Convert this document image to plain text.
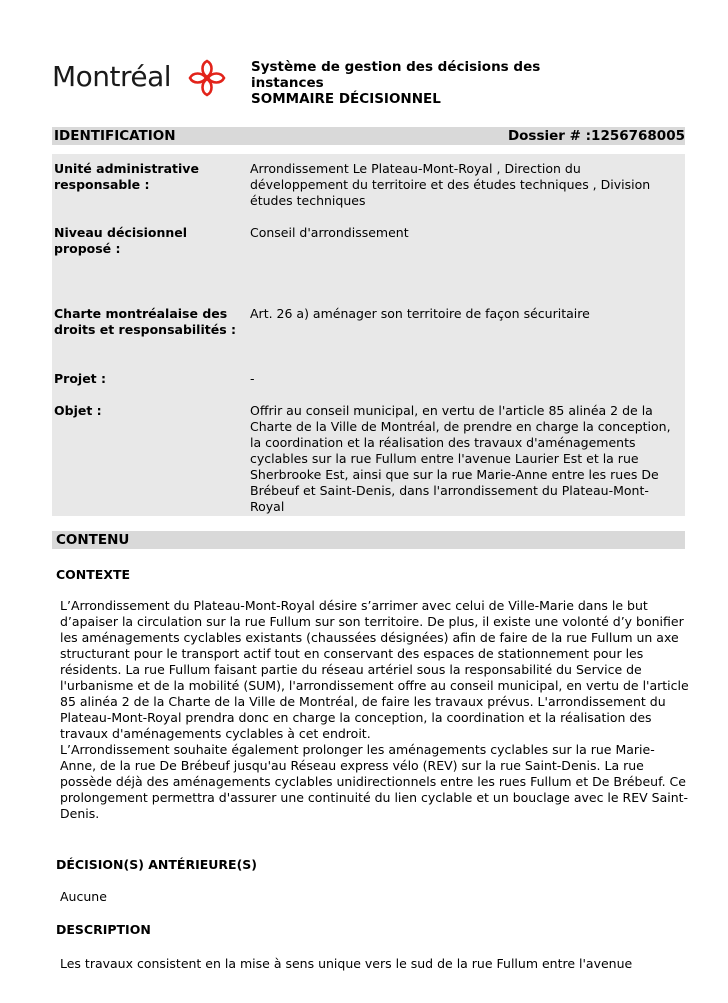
Montréal	Système de gestion des décisions des
instances
SOMMAIRE DÉCISIONNEL
IDENTIFICATION	Dossier # :1256768005
Unité administrative responsable :
Arrondissement Le Plateau-Mont-Royal , Direction du développement du territoire et des études techniques , Division études techniques
Niveau décisionnel proposé :
Conseil d'arrondissement
Charte montréalaise des droits et responsabilités :
Art. 26 a) aménager son territoire de façon sécuritaire
Projet :	-
Objet :	Offrir au conseil municipal, en vertu de l'article 85 alinéa 2 de la Charte de la Ville de Montréal, de prendre en charge la conception, la coordination et la réalisation des travaux d'aménagements cyclables sur la rue Fullum entre l'avenue Laurier Est et la rue Sherbrooke Est, ainsi que sur la rue Marie-Anne entre les rues De Brébeuf et Saint-Denis, dans l'arrondissement du Plateau-Mont-Royal
CONTENU
CONTEXTE

L’Arrondissement du Plateau-Mont-Royal désire s’arrimer avec celui de Ville-Marie dans le but d’apaiser la circulation sur la rue Fullum sur son territoire. De plus, il existe une volonté d’y bonifier les aménagements cyclables existants (chaussées désignées) afin de faire de la rue Fullum un axe structurant pour le transport actif tout en conservant des espaces de stationnement pour les résidents. La rue Fullum faisant partie du réseau artériel sous la responsabilité du Service de l'urbanisme et de la mobilité (SUM), l'arrondissement offre au conseil municipal, en vertu de l'article 85 alinéa 2 de la Charte de la Ville de Montréal, de faire les travaux prévus. L'arrondissement du Plateau-Mont-Royal prendra donc en charge la conception, la coordination et la réalisation des travaux d'aménagements cyclables à cet endroit.

L’Arrondissement souhaite également prolonger les aménagements cyclables sur la rue Marie-Anne, de la rue De Brébeuf jusqu'au Réseau express vélo (REV) sur la rue Saint-Denis. La rue possède déjà des aménagements cyclables unidirectionnels entre les rues Fullum et De Brébeuf. Ce prolongement permettra d'assurer une continuité du lien cyclable et un bouclage avec le REV Saint-Denis.

DÉCISION(S) ANTÉRIEURE(S)
Aucune
DESCRIPTION
Les travaux consistent en la mise à sens unique vers le sud de la rue Fullum entre l'avenue
